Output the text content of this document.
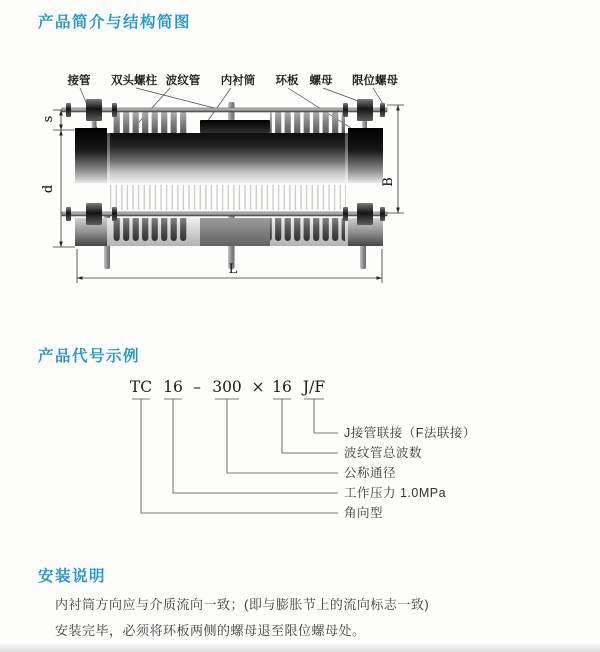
产品简介与结构简图
接管 双头螺柱 波纹管 内衬筒 环板 螺母 限位螺母
s
d
B
L
产品代号示例
TC 16 – 300 × 16 J/F
J接管联接（F法联接）
波纹管总波数
公称通径
工作压力 1.0MPa
角向型
安装说明
内衬筒方向应与介质流向一致；(即与膨胀节上的流向标志一致)
安装完毕，必须将环板两侧的螺母退至限位螺母处。
